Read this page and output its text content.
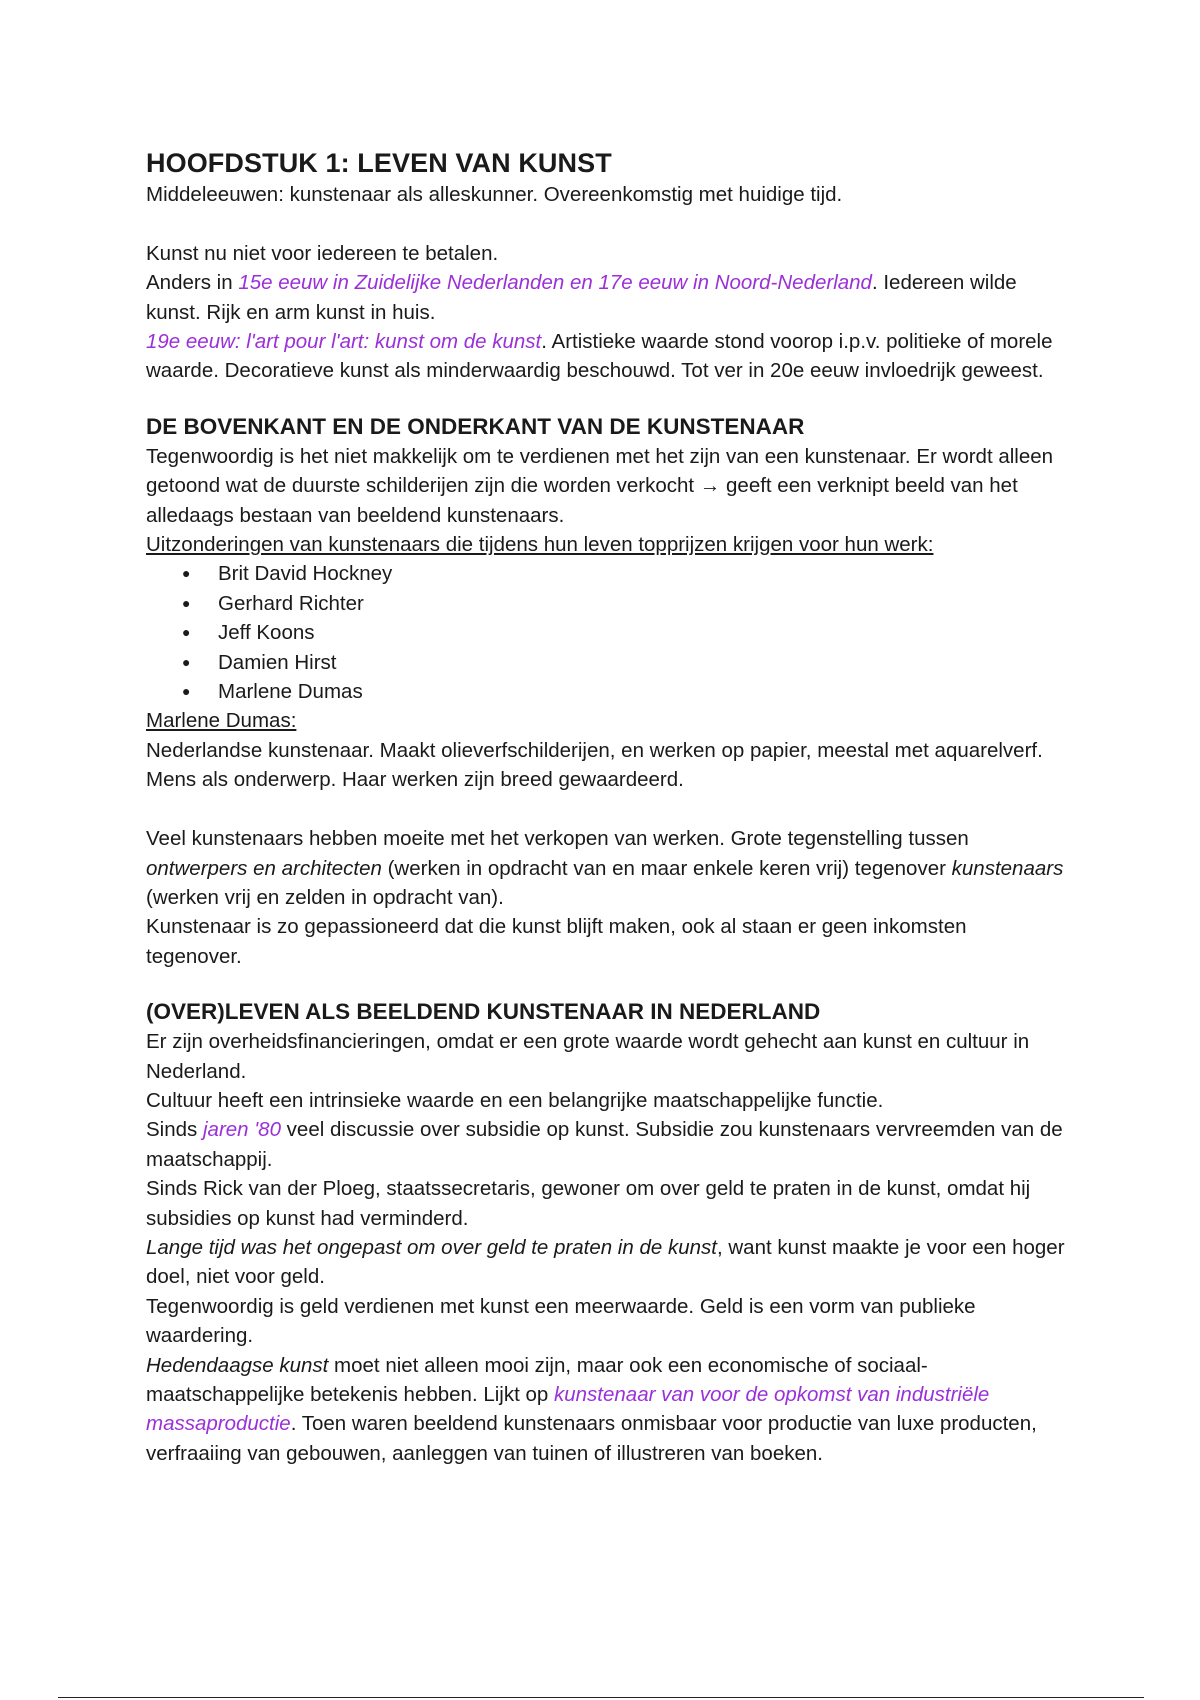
HOOFDSTUK 1: LEVEN VAN KUNST

Middeleeuwen: kunstenaar als alleskunner. Overeenkomstig met huidige tijd.

Kunst nu niet voor iedereen te betalen.

Anders in 15e eeuw in Zuidelijke Nederlanden en 17e eeuw in Noord-Nederland. Iedereen wilde kunst. Rijk en arm kunst in huis.

19e eeuw: l'art pour l'art: kunst om de kunst. Artistieke waarde stond voorop i.p.v. politieke of morele waarde. Decoratieve kunst als minderwaardig beschouwd. Tot ver in 20e eeuw invloedrijk geweest.

DE BOVENKANT EN DE ONDERKANT VAN DE KUNSTENAAR

Tegenwoordig is het niet makkelijk om te verdienen met het zijn van een kunstenaar. Er wordt alleen getoond wat de duurste schilderijen zijn die worden verkocht → geeft een verknipt beeld van het alledaags bestaan van beeldend kunstenaars.

Uitzonderingen van kunstenaars die tijdens hun leven topprijzen krijgen voor hun werk:

● Brit David Hockney
● Gerhard Richter
● Jeff Koons
● Damien Hirst
● Marlene Dumas

Marlene Dumas:

Nederlandse kunstenaar. Maakt olieverfschilderijen, en werken op papier, meestal met aquarelverf. Mens als onderwerp. Haar werken zijn breed gewaardeerd.

Veel kunstenaars hebben moeite met het verkopen van werken. Grote tegenstelling tussen ontwerpers en architecten (werken in opdracht van en maar enkele keren vrij) tegenover kunstenaars (werken vrij en zelden in opdracht van).

Kunstenaar is zo gepassioneerd dat die kunst blijft maken, ook al staan er geen inkomsten tegenover.

(OVER)LEVEN ALS BEELDEND KUNSTENAAR IN NEDERLAND

Er zijn overheidsfinancieringen, omdat er een grote waarde wordt gehecht aan kunst en cultuur in Nederland.

Cultuur heeft een intrinsieke waarde en een belangrijke maatschappelijke functie.

Sinds jaren '80 veel discussie over subsidie op kunst. Subsidie zou kunstenaars vervreemden van de maatschappij.

Sinds Rick van der Ploeg, staatssecretaris, gewoner om over geld te praten in de kunst, omdat hij subsidies op kunst had verminderd.

Lange tijd was het ongepast om over geld te praten in de kunst, want kunst maakte je voor een hoger doel, niet voor geld.

Tegenwoordig is geld verdienen met kunst een meerwaarde. Geld is een vorm van publieke waardering.

Hedendaagse kunst moet niet alleen mooi zijn, maar ook een economische of sociaal-maatschappelijke betekenis hebben. Lijkt op kunstenaar van voor de opkomst van industriële massaproductie. Toen waren beeldend kunstenaars onmisbaar voor productie van luxe producten, verfraaiing van gebouwen, aanleggen van tuinen of illustreren van boeken.
